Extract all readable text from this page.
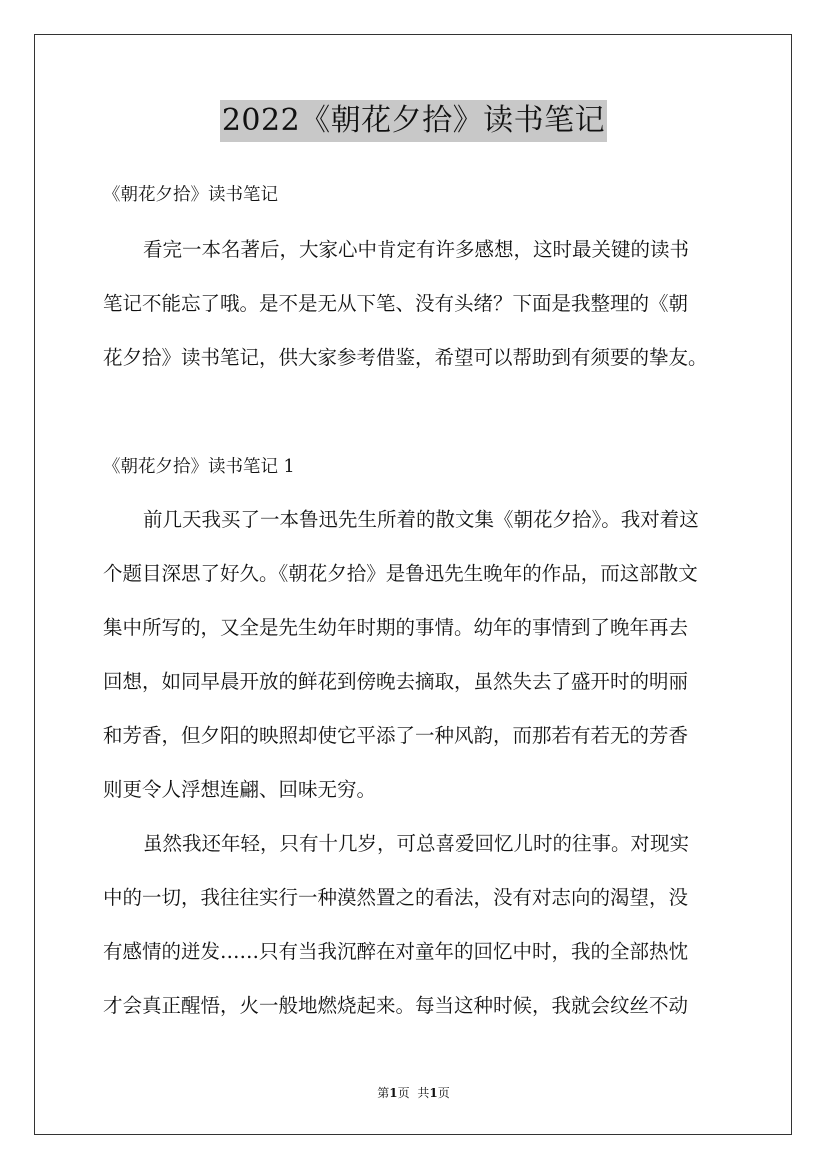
2022《朝花夕拾》读书笔记
《朝花夕拾》读书笔记
看完一本名著后，大家心中肯定有许多感想，这时最关键的读书
笔记不能忘了哦。是不是无从下笔、没有头绪？下面是我整理的《朝
花夕拾》读书笔记，供大家参考借鉴，希望可以帮助到有须要的挚友。
《朝花夕拾》读书笔记 1
前几天我买了一本鲁迅先生所着的散文集《朝花夕拾》。我对着这
个题目深思了好久。《朝花夕拾》是鲁迅先生晚年的作品，而这部散文
集中所写的，又全是先生幼年时期的事情。幼年的事情到了晚年再去
回想，如同早晨开放的鲜花到傍晚去摘取，虽然失去了盛开时的明丽
和芳香，但夕阳的映照却使它平添了一种风韵，而那若有若无的芳香
则更令人浮想连翩、回味无穷。
虽然我还年轻，只有十几岁，可总喜爱回忆儿时的往事。对现实
中的一切，我往往实行一种漠然置之的看法，没有对志向的渴望，没
有感情的迸发……只有当我沉醉在对童年的回忆中时，我的全部热忱
才会真正醒悟，火一般地燃烧起来。每当这种时候，我就会纹丝不动
第1页 共1页
